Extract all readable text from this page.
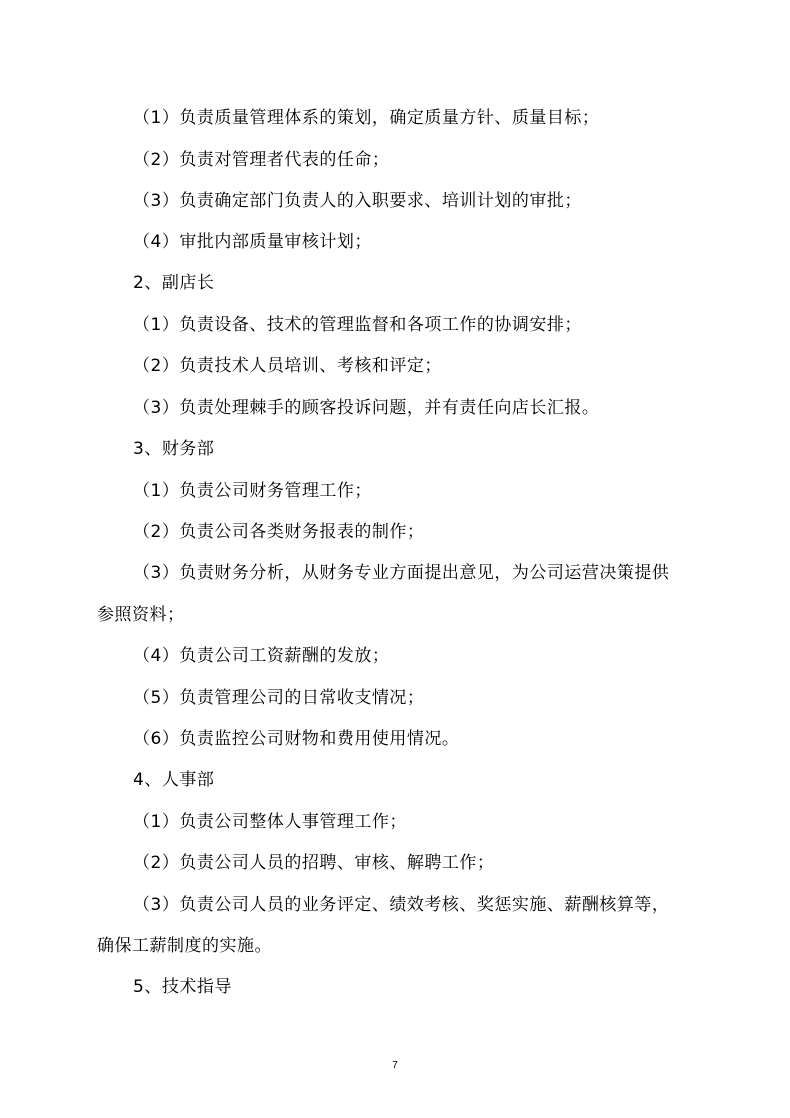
（1）负责质量管理体系的策划，确定质量方针、质量目标；
（2）负责对管理者代表的任命；
（3）负责确定部门负责人的入职要求、培训计划的审批；
（4）审批内部质量审核计划；
2、副店长
（1）负责设备、技术的管理监督和各项工作的协调安排；
（2）负责技术人员培训、考核和评定；
（3）负责处理棘手的顾客投诉问题，并有责任向店长汇报。
3、财务部
（1）负责公司财务管理工作；
（2）负责公司各类财务报表的制作；
（3）负责财务分析，从财务专业方面提出意见，为公司运营决策提供
参照资料；
（4）负责公司工资薪酬的发放；
（5）负责管理公司的日常收支情况；
（6）负责监控公司财物和费用使用情况。
4、人事部
（1）负责公司整体人事管理工作；
（2）负责公司人员的招聘、审核、解聘工作；
（3）负责公司人员的业务评定、绩效考核、奖惩实施、薪酬核算等，
确保工薪制度的实施。
5、技术指导
7
